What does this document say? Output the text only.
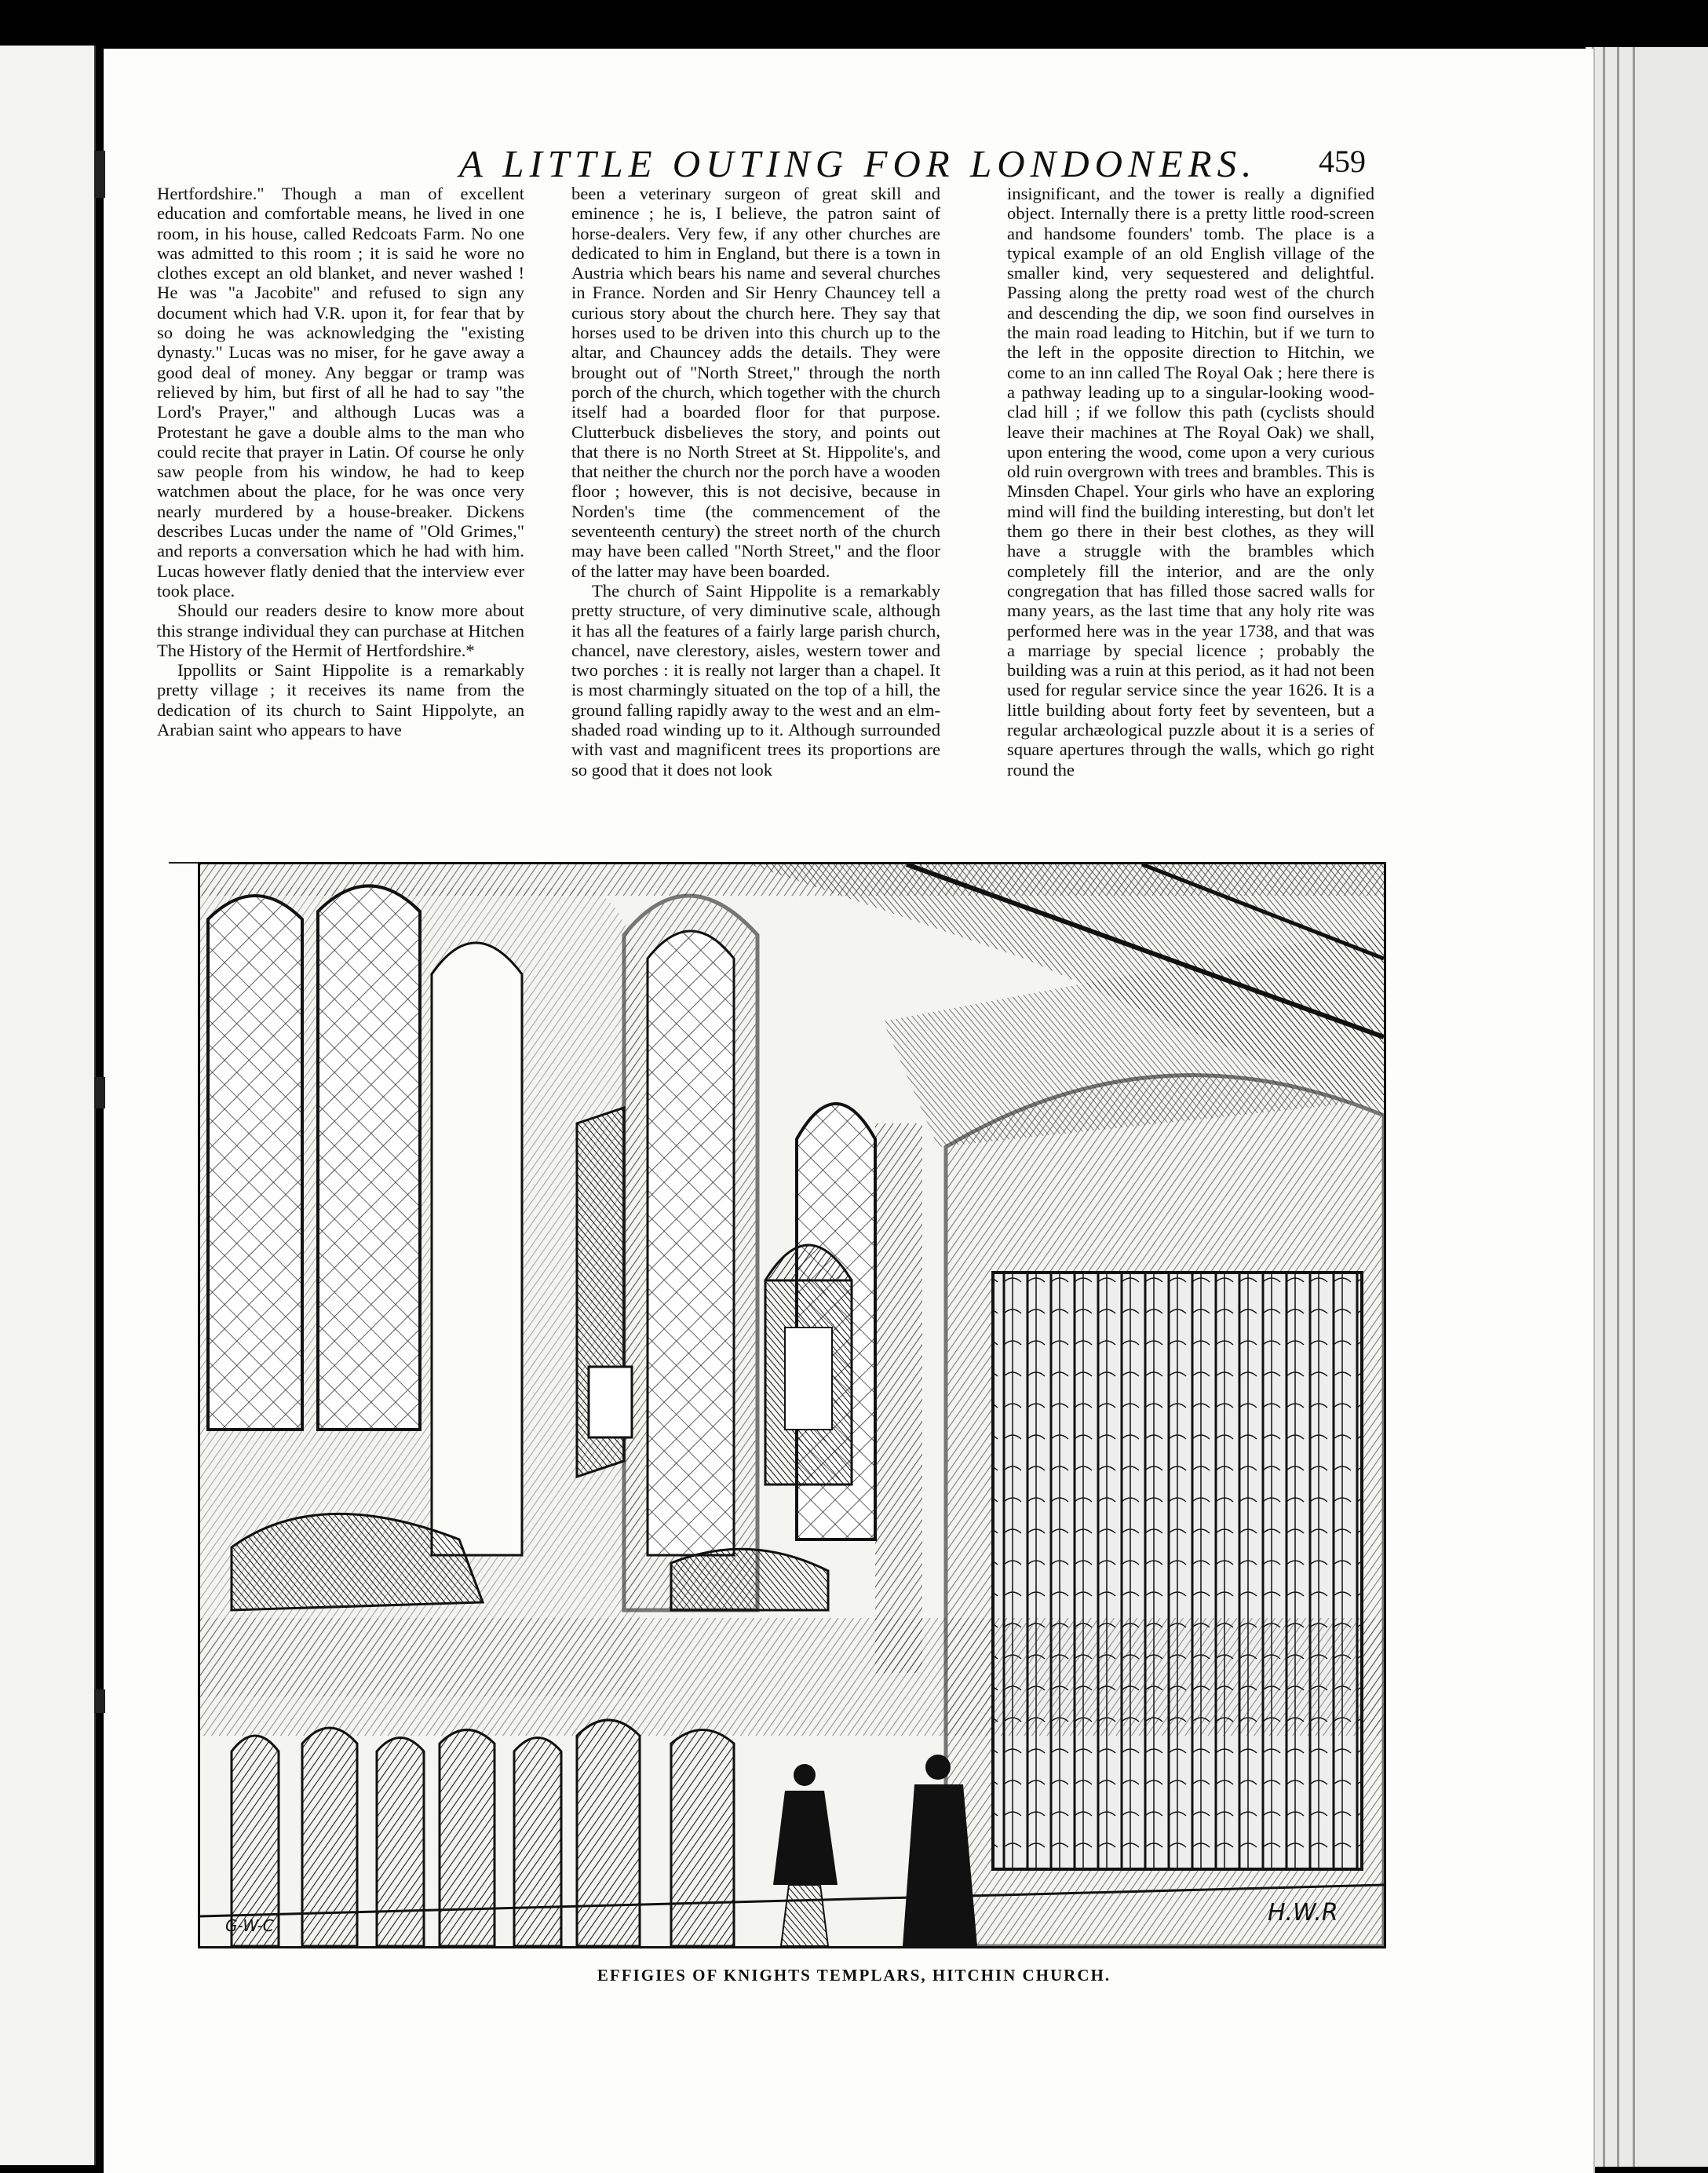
A LITTLE OUTING FOR LONDONERS. 459

Hertfordshire." Though a man of excellent education and comfortable means, he lived in one room, in his house, called Redcoats Farm. No one was admitted to this room ; it is said he wore no clothes except an old blanket, and never washed ! He was "a Jacobite" and refused to sign any document which had V.R. upon it, for fear that by so doing he was acknowledging the "existing dynasty." Lucas was no miser, for he gave away a good deal of money. Any beggar or tramp was relieved by him, but first of all he had to say "the Lord's Prayer," and although Lucas was a Protestant he gave a double alms to the man who could recite that prayer in Latin. Of course he only saw people from his window, he had to keep watchmen about the place, for he was once very nearly murdered by a house-breaker. Dickens describes Lucas under the name of "Old Grimes," and reports a conversation which he had with him. Lucas however flatly denied that the interview ever took place.

Should our readers desire to know more about this strange individual they can purchase at Hitchen The History of the Hermit of Hertfordshire.*

Ippollits or Saint Hippolite is a remarkably pretty village ; it receives its name from the dedication of its church to Saint Hippolyte, an Arabian saint who appears to have

been a veterinary surgeon of great skill and eminence ; he is, I believe, the patron saint of horse-dealers. Very few, if any other churches are dedicated to him in England, but there is a town in Austria which bears his name and several churches in France. Norden and Sir Henry Chauncey tell a curious story about the church here. They say that horses used to be driven into this church up to the altar, and Chauncey adds the details. They were brought out of "North Street," through the north porch of the church, which together with the church itself had a boarded floor for that purpose. Clutterbuck disbelieves the story, and points out that there is no North Street at St. Hippolite's, and that neither the church nor the porch have a wooden floor ; however, this is not decisive, because in Norden's time (the commencement of the seventeenth century) the street north of the church may have been called "North Street," and the floor of the latter may have been boarded.

The church of Saint Hippolite is a remarkably pretty structure, of very diminutive scale, although it has all the features of a fairly large parish church, chancel, nave clerestory, aisles, western tower and two porches : it is really not larger than a chapel. It is most charmingly situated on the top of a hill, the ground falling rapidly away to the west and an elm-shaded road winding up to it. Although surrounded with vast and magnificent trees its proportions are so good that it does not look

insignificant, and the tower is really a dignified object. Internally there is a pretty little rood-screen and handsome founders' tomb. The place is a typical example of an old English village of the smaller kind, very sequestered and delightful. Passing along the pretty road west of the church and descending the dip, we soon find ourselves in the main road leading to Hitchin, but if we turn to the left in the opposite direction to Hitchin, we come to an inn called The Royal Oak ; here there is a pathway leading up to a singular-looking wood-clad hill ; if we follow this path (cyclists should leave their machines at The Royal Oak) we shall, upon entering the wood, come upon a very curious old ruin overgrown with trees and brambles. This is Minsden Chapel. Your girls who have an exploring mind will find the building interesting, but don't let them go there in their best clothes, as they will have a struggle with the brambles which completely fill the interior, and are the only congregation that has filled those sacred walls for many years, as the last time that any holy rite was performed here was in the year 1738, and that was a marriage by special licence ; probably the building was a ruin at this period, as it had not been used for regular service since the year 1626. It is a little building about forty feet by seventeen, but a regular archæological puzzle about it is a series of square apertures through the walls, which go right round the

G-W-C	H.W.R
EFFIGIES OF KNIGHTS TEMPLARS, HITCHIN CHURCH.
